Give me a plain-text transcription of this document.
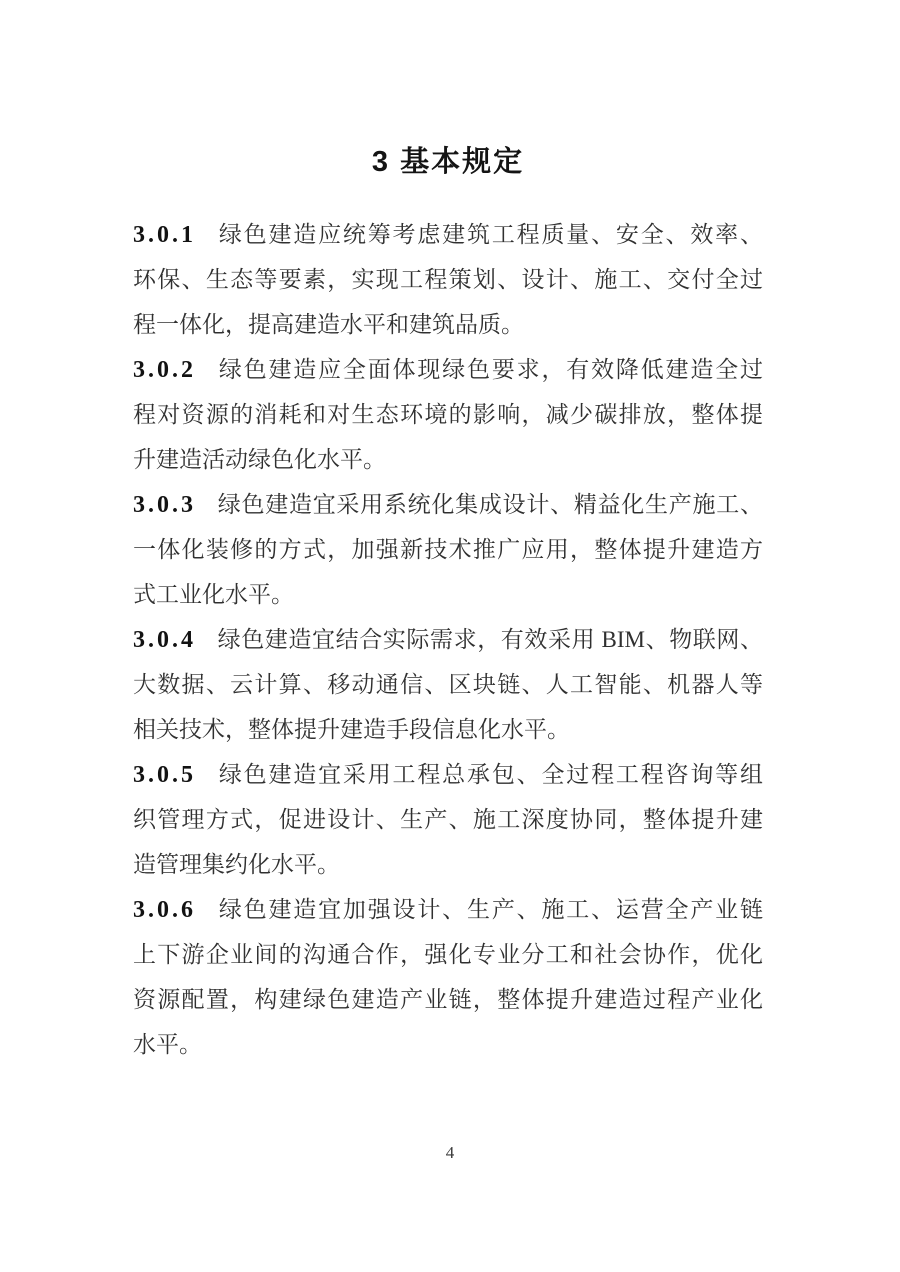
3 基本规定
3.0.1 绿色建造应统筹考虑建筑工程质量、安全、效率、
环保、生态等要素，实现工程策划、设计、施工、交付全过
程一体化，提高建造水平和建筑品质。
3.0.2 绿色建造应全面体现绿色要求，有效降低建造全过
程对资源的消耗和对生态环境的影响，减少碳排放，整体提
升建造活动绿色化水平。
3.0.3 绿色建造宜采用系统化集成设计、精益化生产施工、
一体化装修的方式，加强新技术推广应用，整体提升建造方
式工业化水平。
3.0.4 绿色建造宜结合实际需求，有效采用 BIM、物联网、
大数据、云计算、移动通信、区块链、人工智能、机器人等
相关技术，整体提升建造手段信息化水平。
3.0.5 绿色建造宜采用工程总承包、全过程工程咨询等组
织管理方式，促进设计、生产、施工深度协同，整体提升建
造管理集约化水平。
3.0.6 绿色建造宜加强设计、生产、施工、运营全产业链
上下游企业间的沟通合作，强化专业分工和社会协作，优化
资源配置，构建绿色建造产业链，整体提升建造过程产业化
水平。
4
